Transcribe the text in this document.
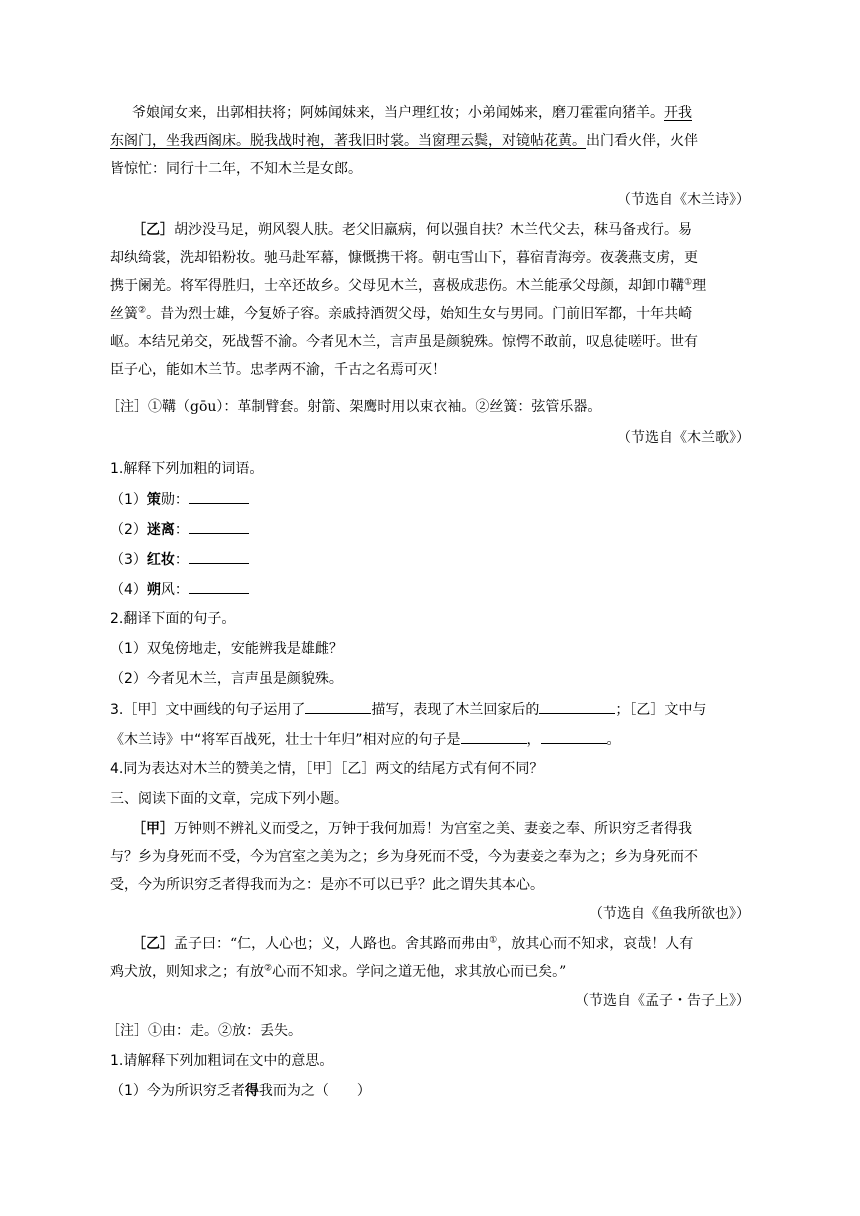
爷娘闻女来，出郭相扶将；阿姊闻妹来，当户理红妆；小弟闻姊来，磨刀霍霍向猪羊。开我
东阁门，坐我西阁床。脱我战时袍，著我旧时裳。当窗理云鬓，对镜帖花黄。出门看火伴，火伴
皆惊忙：同行十二年，不知木兰是女郎。
（节选自《木兰诗》）
［乙］胡沙没马足，朔风裂人肤。老父旧羸病，何以强自扶？木兰代父去，秣马备戎行。易
却纨绮裳，洗却铅粉妆。驰马赴军幕，慷慨携干将。朝屯雪山下，暮宿青海旁。夜袭燕支虏，更
携于阑羌。将军得胜归，士卒还故乡。父母见木兰，喜极成悲伤。木兰能承父母颜，却卸巾鞲①理
丝簧②。昔为烈士雄，今复娇子容。亲戚持酒贺父母，始知生女与男同。门前旧军都，十年共崎
岖。本结兄弟交，死战誓不渝。今者见木兰，言声虽是颜貌殊。惊愕不敢前，叹息徒嗟吁。世有
臣子心，能如木兰节。忠孝两不渝，千古之名焉可灭！
［注］①鞲（gōu）：革制臂套。射箭、架鹰时用以束衣袖。②丝簧：弦管乐器。
（节选自《木兰歌》）
1.解释下列加粗的词语。
（1）策勋：
（2）迷离：
（3）红妆：
（4）朔风：
2.翻译下面的句子。
（1）双兔傍地走，安能辨我是雄雌？
（2）今者见木兰，言声虽是颜貌殊。
3.［甲］文中画线的句子运用了	描写，表现了木兰回家后的	；［乙］文中与
《木兰诗》中“将军百战死，壮士十年归”相对应的句子是	，	。
4.同为表达对木兰的赞美之情，［甲］［乙］两文的结尾方式有何不同？
三、阅读下面的文章，完成下列小题。
［甲］万钟则不辨礼义而受之，万钟于我何加焉！为宫室之美、妻妾之奉、所识穷乏者得我
与？乡为身死而不受，今为宫室之美为之；乡为身死而不受，今为妻妾之奉为之；乡为身死而不
受，今为所识穷乏者得我而为之：是亦不可以已乎？此之谓失其本心。
（节选自《鱼我所欲也》）
［乙］孟子曰：“仁，人心也；义，人路也。舍其路而弗由①，放其心而不知求，哀哉！人有
鸡犬放，则知求之；有放②心而不知求。学问之道无他，求其放心而已矣。”
（节选自《孟子・告子上》）
［注］①由：走。②放：丢失。
1.请解释下列加粗词在文中的意思。
（1）今为所识穷乏者得我而为之（　　）
